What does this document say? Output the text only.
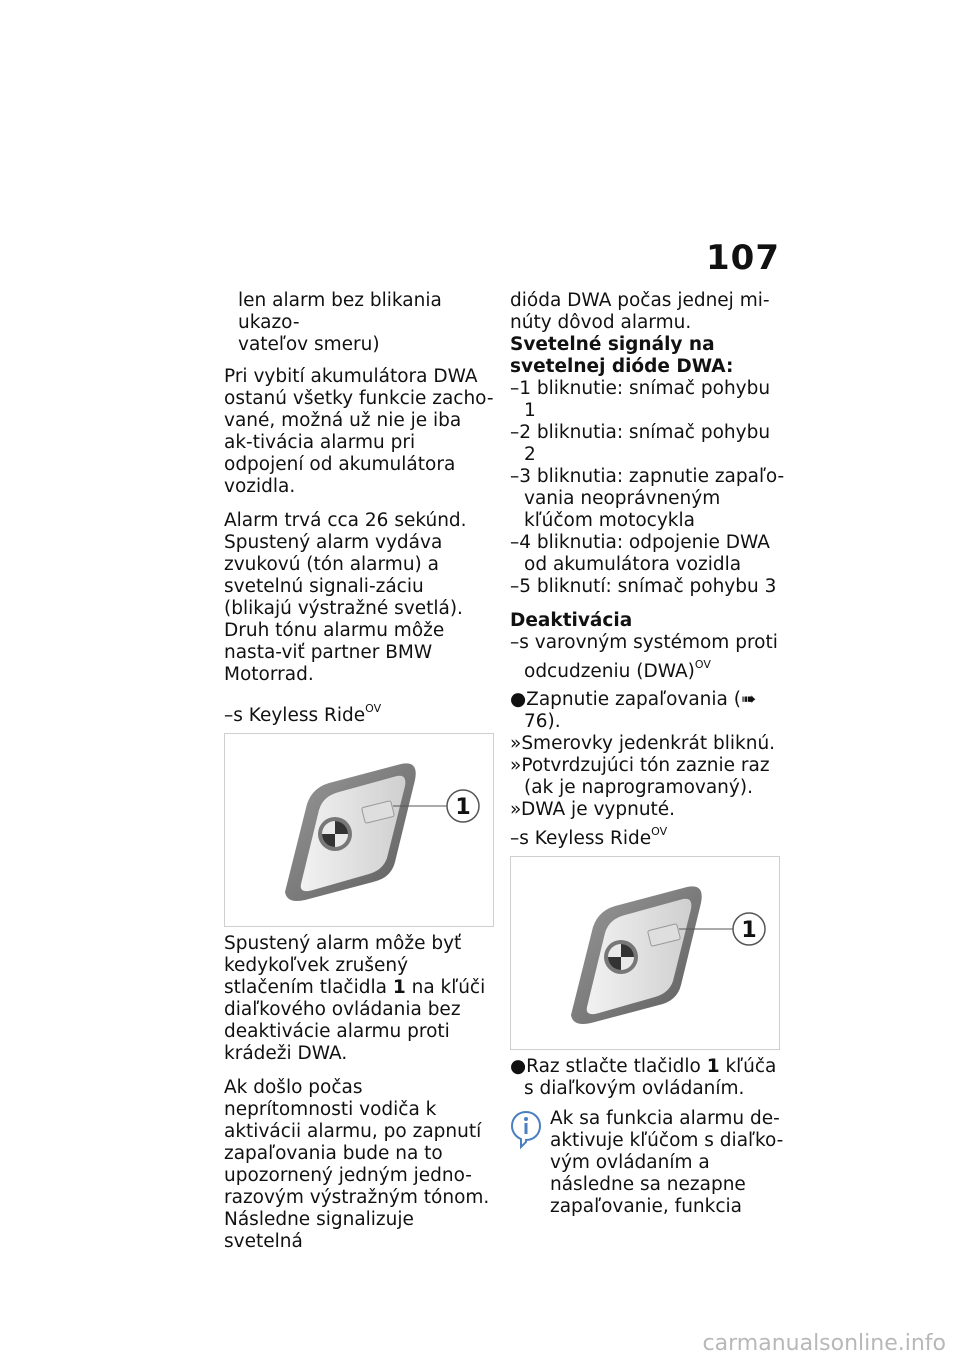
107

len alarm bez blikania ukazo-
vateľov smeru)

Pri vybití akumulátora DWA ostanú všetky funkcie zacho-vané, možná už nie je iba ak-tivácia alarmu pri odpojení od akumulátora vozidla.

Alarm trvá cca 26 sekúnd. Spustený alarm vydáva zvukovú (tón alarmu) a svetelnú signali-záciu (blikajú výstražné svetlá). Druh tónu alarmu môže nasta-viť partner BMW Motorrad.

–s Keyless Ride$^{OV}$

1

Spustený alarm môže byť kedykoľvek zrušený stlačením tlačidla 1 na kľúči diaľkového ovládania bez deaktivácie alarmu proti krádeži DWA.

Ak došlo počas neprítomnosti vodiča k aktivácii alarmu, po zapnutí zapaľovania bude na to upozornený jedným jedno-razovým výstražným tónom. Následne signalizuje svetelná

dióda DWA počas jednej mi-núty dôvod alarmu.

Svetelné signály na svetelnej dióde DWA:

–1 bliknutie: snímač pohybu 1

–2 bliknutia: snímač pohybu 2

–3 bliknutia: zapnutie zapaľo-vania neoprávneným kľúčom motocykla

–4 bliknutia: odpojenie DWA od akumulátora vozidla

–5 bliknutí: snímač pohybu 3

Deaktivácia

–s varovným systémom proti odcudzeniu (DWA)$^{OV}$

●Zapnutie zapaľovania (➠ 76).

»Smerovky jedenkrát bliknú.

»Potvrdzujúci tón zaznie raz (ak je naprogramovaný).

»DWA je vypnuté.

–s Keyless Ride$^{OV}$

1

●Raz stlačte tlačidlo 1 kľúča s diaľkovým ovládaním.

Ak sa funkcia alarmu de-aktivuje kľúčom s diaľko-vým ovládaním a následne sa nezapne zapaľovanie, funkcia

carmanualsonline.info
